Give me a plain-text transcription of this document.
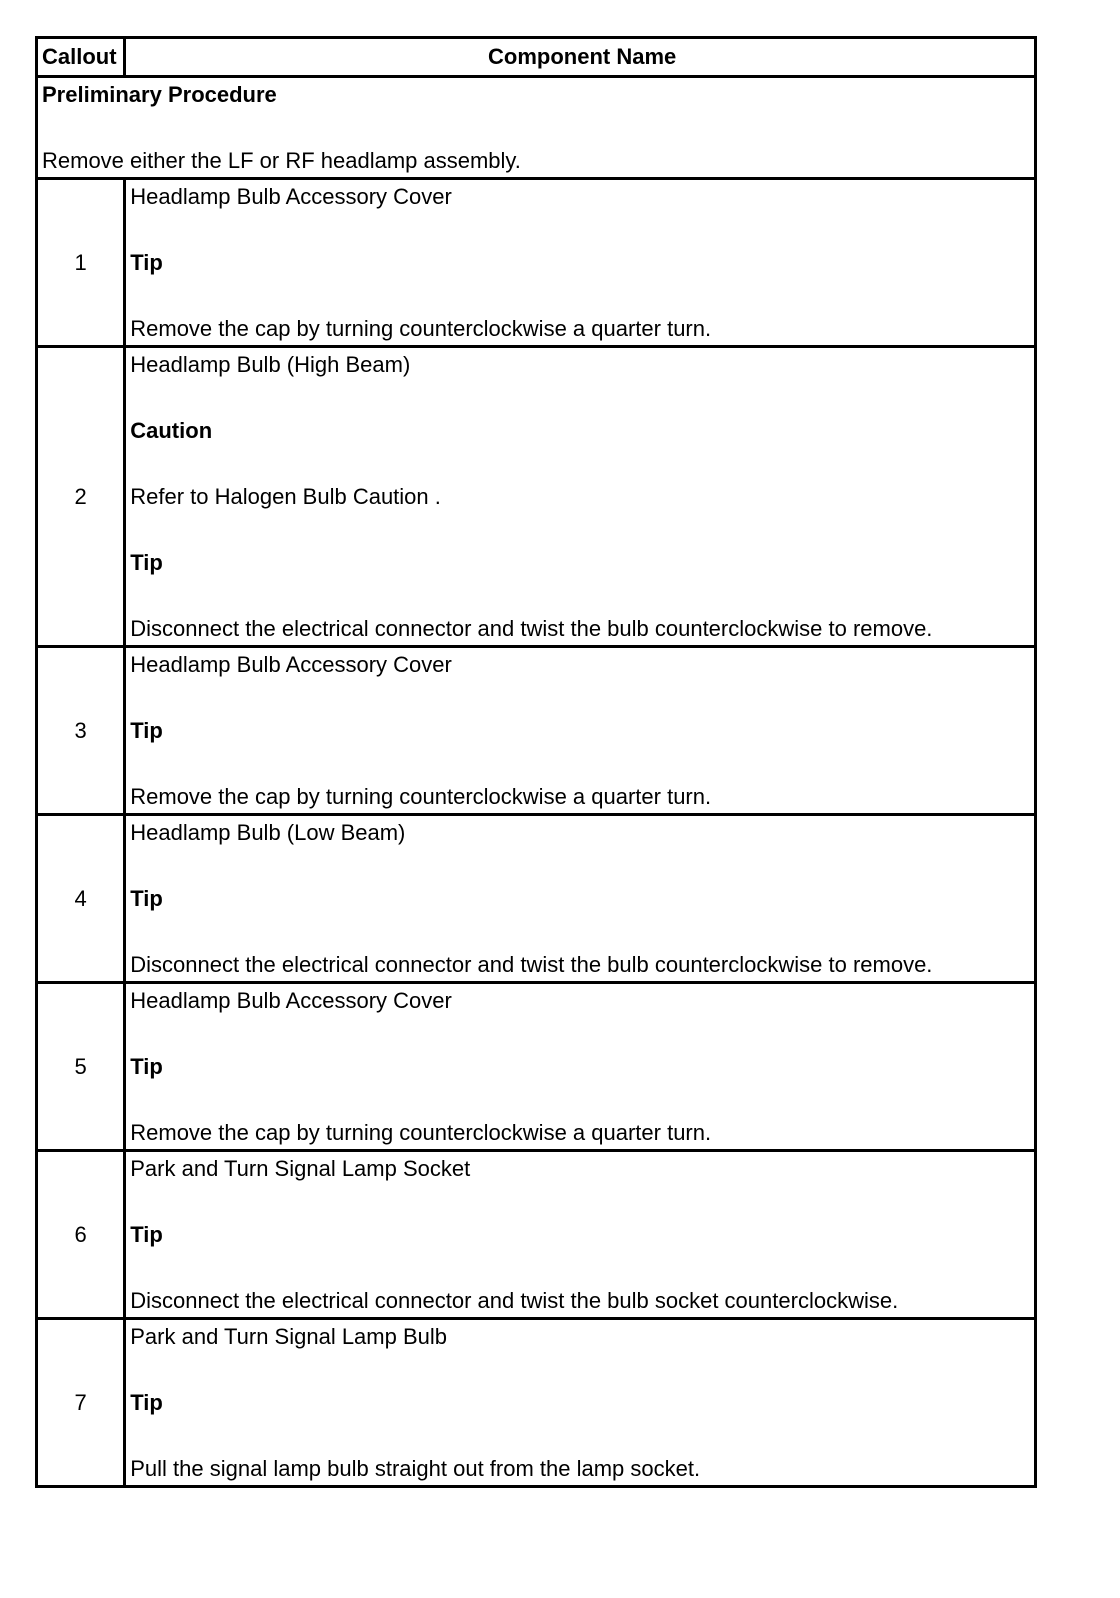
Callout	Component Name

Preliminary Procedure
Remove either the LF or RF headlamp assembly.	

1	Headlamp Bulb Accessory Cover
Tip
Remove the cap by turning counterclockwise a quarter turn.

2	Headlamp Bulb (High Beam)
Caution
Refer to Halogen Bulb Caution .
Tip
Disconnect the electrical connector and twist the bulb counterclockwise to remove.

3	Headlamp Bulb Accessory Cover
Tip
Remove the cap by turning counterclockwise a quarter turn.

4	Headlamp Bulb (Low Beam)
Tip
Disconnect the electrical connector and twist the bulb counterclockwise to remove.

5	Headlamp Bulb Accessory Cover
Tip
Remove the cap by turning counterclockwise a quarter turn.

6	Park and Turn Signal Lamp Socket
Tip
Disconnect the electrical connector and twist the bulb socket counterclockwise.

7	Park and Turn Signal Lamp Bulb
Tip
Pull the signal lamp bulb straight out from the lamp socket.
